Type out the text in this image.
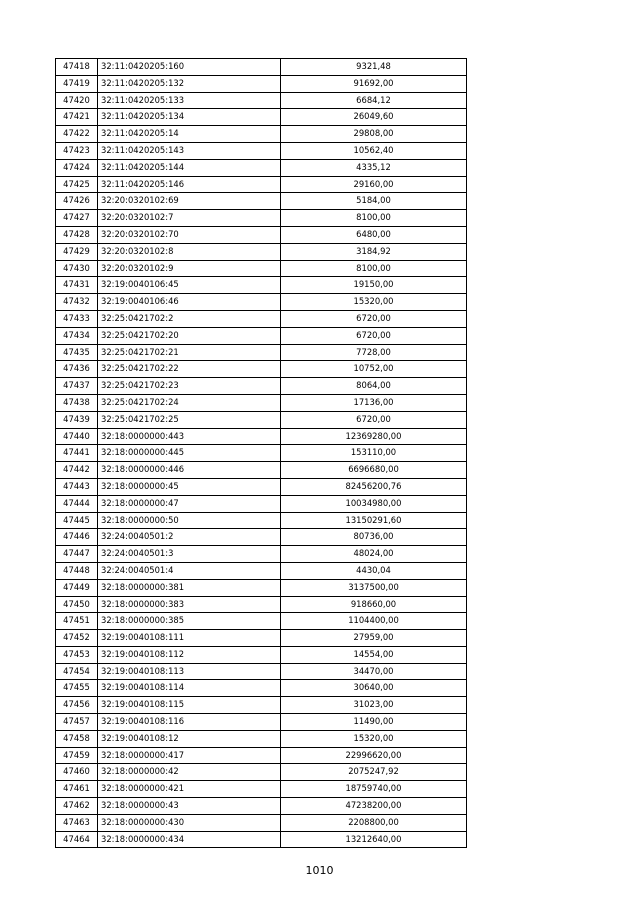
47418	32:11:0420205:160	9321,48
47419	32:11:0420205:132	91692,00
47420	32:11:0420205:133	6684,12
47421	32:11:0420205:134	26049,60
47422	32:11:0420205:14	29808,00
47423	32:11:0420205:143	10562,40
47424	32:11:0420205:144	4335,12
47425	32:11:0420205:146	29160,00
47426	32:20:0320102:69	5184,00
47427	32:20:0320102:7	8100,00
47428	32:20:0320102:70	6480,00
47429	32:20:0320102:8	3184,92
47430	32:20:0320102:9	8100,00
47431	32:19:0040106:45	19150,00
47432	32:19:0040106:46	15320,00
47433	32:25:0421702:2	6720,00
47434	32:25:0421702:20	6720,00
47435	32:25:0421702:21	7728,00
47436	32:25:0421702:22	10752,00
47437	32:25:0421702:23	8064,00
47438	32:25:0421702:24	17136,00
47439	32:25:0421702:25	6720,00
47440	32:18:0000000:443	12369280,00
47441	32:18:0000000:445	153110,00
47442	32:18:0000000:446	6696680,00
47443	32:18:0000000:45	82456200,76
47444	32:18:0000000:47	10034980,00
47445	32:18:0000000:50	13150291,60
47446	32:24:0040501:2	80736,00
47447	32:24:0040501:3	48024,00
47448	32:24:0040501:4	4430,04
47449	32:18:0000000:381	3137500,00
47450	32:18:0000000:383	918660,00
47451	32:18:0000000:385	1104400,00
47452	32:19:0040108:111	27959,00
47453	32:19:0040108:112	14554,00
47454	32:19:0040108:113	34470,00
47455	32:19:0040108:114	30640,00
47456	32:19:0040108:115	31023,00
47457	32:19:0040108:116	11490,00
47458	32:19:0040108:12	15320,00
47459	32:18:0000000:417	22996620,00
47460	32:18:0000000:42	2075247,92
47461	32:18:0000000:421	18759740,00
47462	32:18:0000000:43	47238200,00
47463	32:18:0000000:430	2208800,00
47464	32:18:0000000:434	13212640,00
1010
